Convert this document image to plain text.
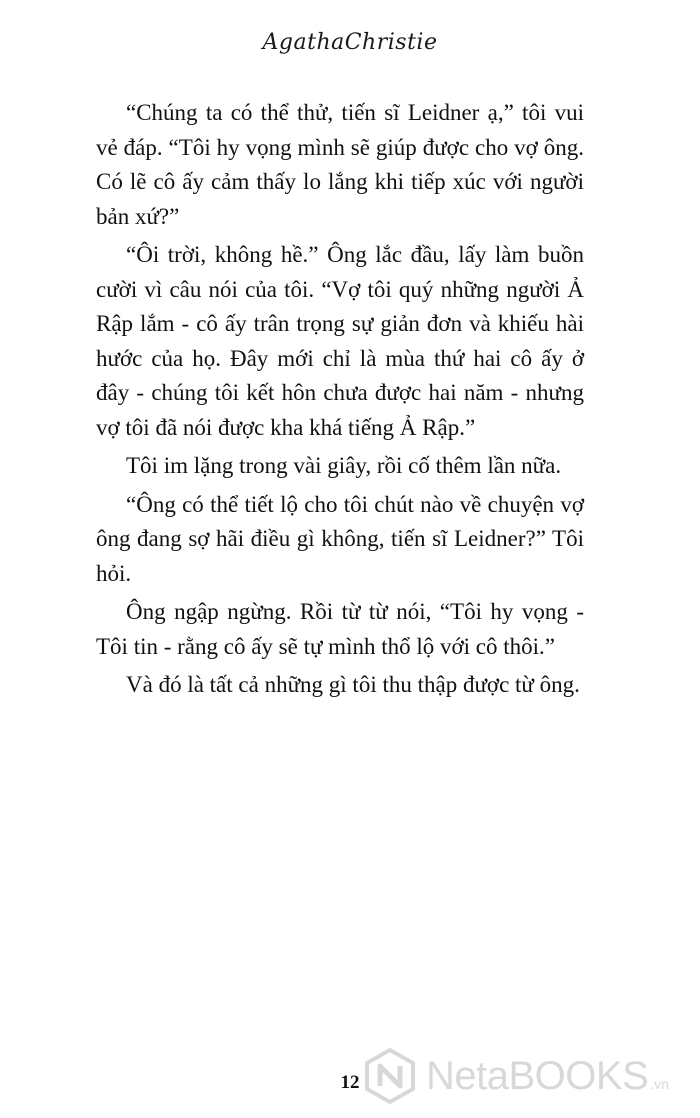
AgathaChristie

“Chúng ta có thể thử, tiến sĩ Leidner ạ,” tôi vui vẻ đáp. “Tôi hy vọng mình sẽ giúp được cho vợ ông. Có lẽ cô ấy cảm thấy lo lắng khi tiếp xúc với người bản xứ?”

“Ôi trời, không hề.” Ông lắc đầu, lấy làm buồn cười vì câu nói của tôi. “Vợ tôi quý những người Ả Rập lắm - cô ấy trân trọng sự giản đơn và khiếu hài hước của họ. Đây mới chỉ là mùa thứ hai cô ấy ở đây - chúng tôi kết hôn chưa được hai năm - nhưng vợ tôi đã nói được kha khá tiếng Ả Rập.”

Tôi im lặng trong vài giây, rồi cố thêm lần nữa.

“Ông có thể tiết lộ cho tôi chút nào về chuyện vợ ông đang sợ hãi điều gì không, tiến sĩ Leidner?” Tôi hỏi.

Ông ngập ngừng. Rồi từ từ nói, “Tôi hy vọng - Tôi tin - rằng cô ấy sẽ tự mình thổ lộ với cô thôi.”

Và đó là tất cả những gì tôi thu thập được từ ông.

12 NetaBOOKS .vn
